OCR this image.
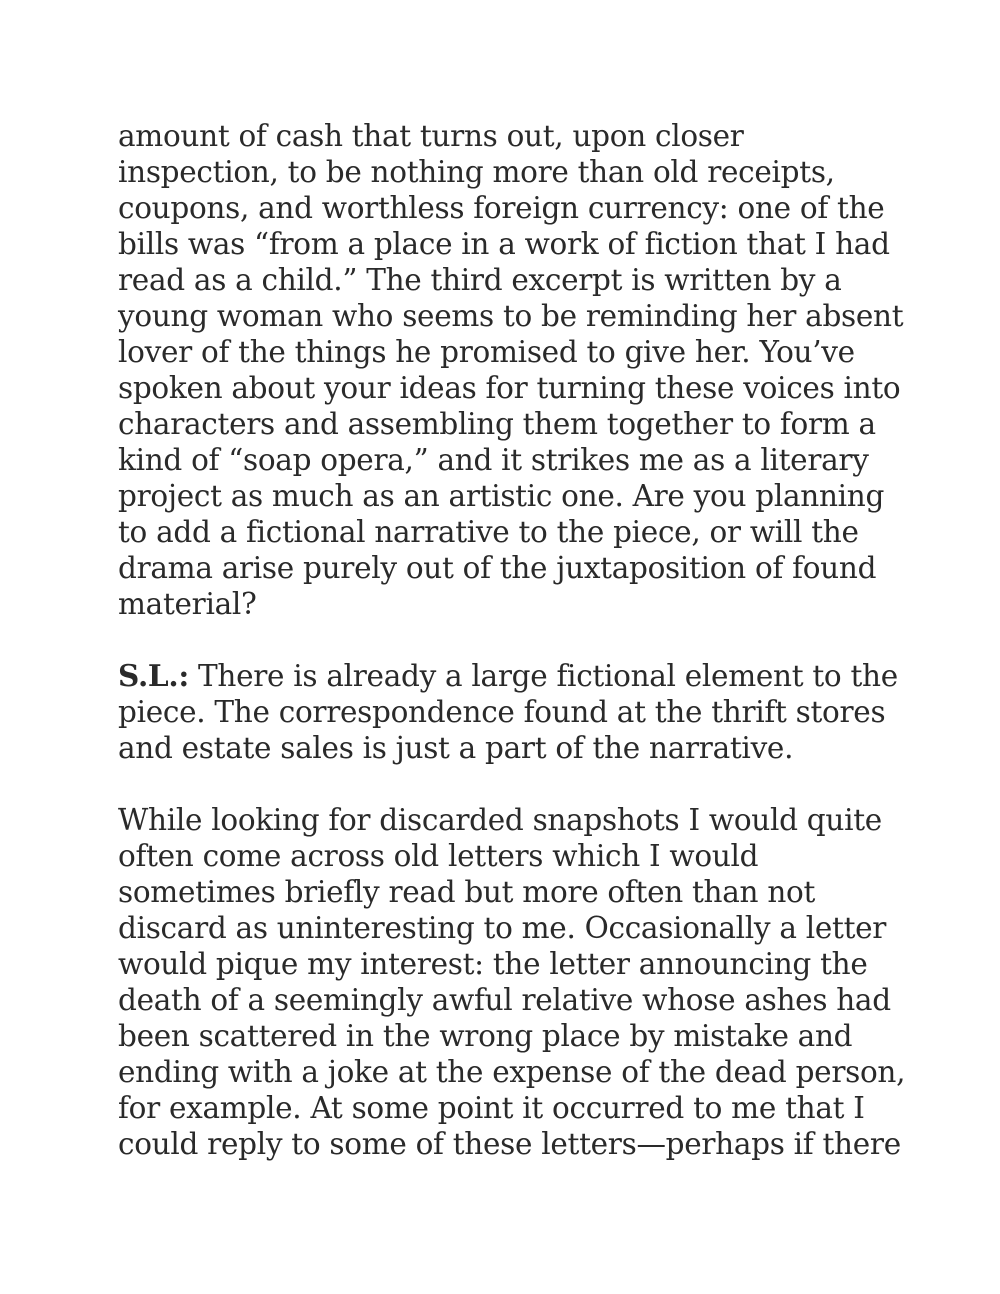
amount of cash that turns out, upon closer
inspection, to be nothing more than old receipts,
coupons, and worthless foreign currency: one of the
bills was “from a place in a work of fiction that I had
read as a child.” The third excerpt is written by a
young woman who seems to be reminding her absent
lover of the things he promised to give her. You’ve
spoken about your ideas for turning these voices into
characters and assembling them together to form a
kind of “soap opera,” and it strikes me as a literary
project as much as an artistic one. Are you planning
to add a fictional narrative to the piece, or will the
drama arise purely out of the juxtaposition of found
material?

S.L.: There is already a large fictional element to the
piece. The correspondence found at the thrift stores
and estate sales is just a part of the narrative.

While looking for discarded snapshots I would quite
often come across old letters which I would
sometimes briefly read but more often than not
discard as uninteresting to me. Occasionally a letter
would pique my interest: the letter announcing the
death of a seemingly awful relative whose ashes had
been scattered in the wrong place by mistake and
ending with a joke at the expense of the dead person,
for example. At some point it occurred to me that I
could reply to some of these letters—perhaps if there
